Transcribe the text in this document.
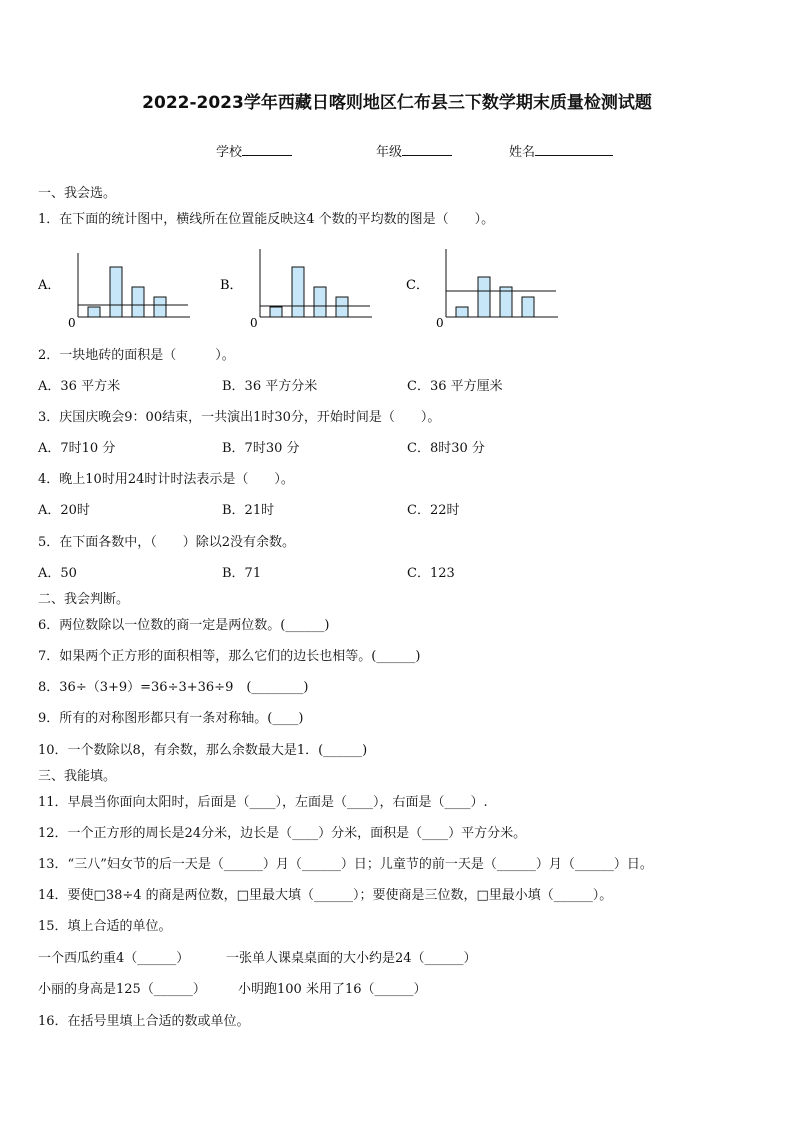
2022-2023学年西藏日喀则地区仁布县三下数学期末质量检测试题
学校	年级	姓名
一、我会选。
1．在下面的统计图中，横线所在位置能反映这4 个数的平均数的图是（　　）。
A．
0
B．
0
C．
0
2．一块地砖的面积是（　　　）。
A．36 平方米	B．36 平方分米	C．36 平方厘米
3．庆国庆晚会9：00结束，一共演出1时30分，开始时间是（　　）。
A．7时10 分	B．7时30 分	C．8时30 分
4．晚上10时用24时计时法表示是（　　）。
A．20时	B．21时	C．22时
5．在下面各数中，（　　）除以2没有余数。
A．50	B．71	C．123
二、我会判断。
6．两位数除以一位数的商一定是两位数。(______)
7．如果两个正方形的面积相等，那么它们的边长也相等。(______)
8．36÷（3+9）=36÷3+36÷9　(________)
9．所有的对称图形都只有一条对称轴。(____)
10．一个数除以8，有余数，那么余数最大是1．(______)
三、我能填。
11．早晨当你面向太阳时，后面是（____），左面是（____），右面是（____）.
12．一个正方形的周长是24分米，边长是（____）分米，面积是（____）平方分米。
13．“三八”妇女节的后一天是（______）月（______）日；儿童节的前一天是（______）月（______）日。
14．要使□38÷4 的商是两位数，□里最大填（______）；要使商是三位数，□里最小填（______）。
15．填上合适的单位。
一个西瓜约重4（______）	一张单人课桌桌面的大小约是24（______）
小丽的身高是125（______） 小明跑100 米用了16（______）
16．在括号里填上合适的数或单位。
